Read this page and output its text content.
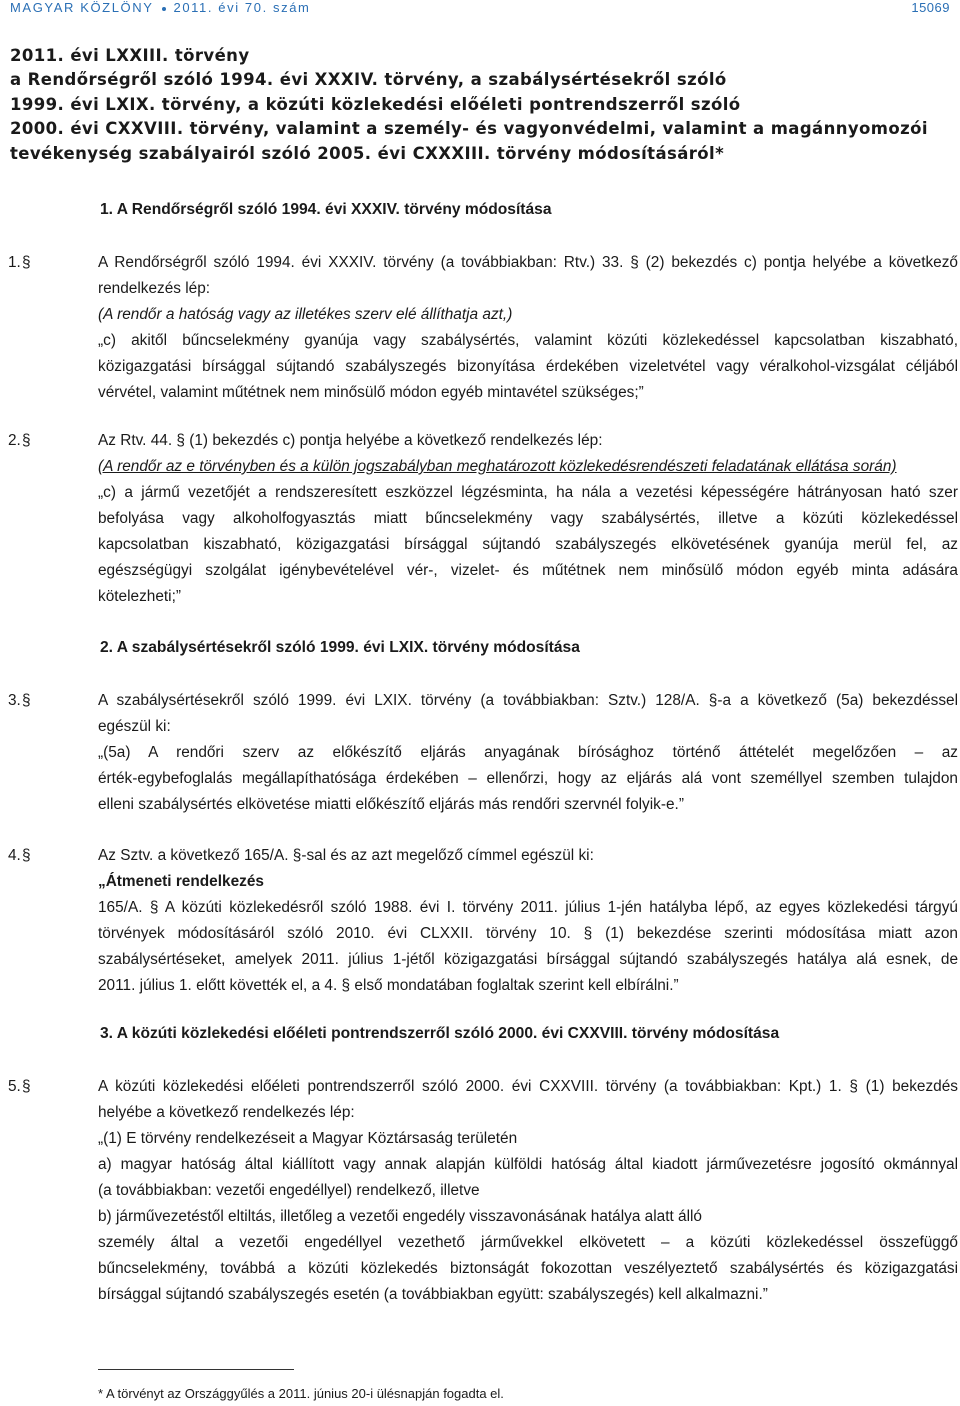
MAGYAR KÖZLÖNY 2011. évi 70. szám	15069
2011. évi LXXIII. törvény
a Rendőrségről szóló 1994. évi XXXIV. törvény, a szabálysértésekről szóló
1999. évi LXIX. törvény, a közúti közlekedési előéleti pontrendszerről szóló
2000. évi CXXVIII. törvény, valamint a személy- és vagyonvédelmi, valamint a magánnyomozói
tevékenység szabályairól szóló 2005. évi CXXXIII. törvény módosításáról*
1. A Rendőrségről szóló 1994. évi XXXIV. törvény módosítása
1. §	A Rendőrségről szóló 1994. évi XXXIV. törvény (a továbbiakban: Rtv.) 33. § (2) bekezdés c) pontja helyébe a következő
rendelkezés lép:
(A rendőr a hatóság vagy az illetékes szerv elé állíthatja azt,)
„c) akitől bűncselekmény gyanúja vagy szabálysértés, valamint közúti közlekedéssel kapcsolatban kiszabható,
közigazgatási bírsággal sújtandó szabályszegés bizonyítása érdekében vizeletvétel vagy véralkohol-vizsgálat céljából
vérvétel, valamint műtétnek nem minősülő módon egyéb mintavétel szükséges;”
2. §	Az Rtv. 44. § (1) bekezdés c) pontja helyébe a következő rendelkezés lép:
(A rendőr az e törvényben és a külön jogszabályban meghatározott közlekedésrendészeti feladatának ellátása során)
„c) a jármű vezetőjét a rendszeresített eszközzel légzésminta, ha nála a vezetési képességére hátrányosan ható szer
befolyása vagy alkoholfogyasztás miatt bűncselekmény vagy szabálysértés, illetve a közúti közlekedéssel
kapcsolatban kiszabható, közigazgatási bírsággal sújtandó szabályszegés elkövetésének gyanúja merül fel, az
egészségügyi szolgálat igénybevételével vér-, vizelet- és műtétnek nem minősülő módon egyéb minta adására
kötelezheti;”
2. A szabálysértésekről szóló 1999. évi LXIX. törvény módosítása
3. §	A szabálysértésekről szóló 1999. évi LXIX. törvény (a továbbiakban: Sztv.) 128/A. §-a a következő (5a) bekezdéssel
egészül ki:
„(5a) A rendőri szerv az előkészítő eljárás anyagának bírósághoz történő áttételét megelőzően – az
érték-egybefoglalás megállapíthatósága érdekében – ellenőrzi, hogy az eljárás alá vont személlyel szemben tulajdon
elleni szabálysértés elkövetése miatti előkészítő eljárás más rendőri szervnél folyik-e.”
4. §	Az Sztv. a következő 165/A. §-sal és az azt megelőző címmel egészül ki:
„Átmeneti rendelkezés
165/A. § A közúti közlekedésről szóló 1988. évi I. törvény 2011. július 1-jén hatályba lépő, az egyes közlekedési tárgyú
törvények módosításáról szóló 2010. évi CLXXII. törvény 10. § (1) bekezdése szerinti módosítása miatt azon
szabálysértéseket, amelyek 2011. július 1-jétől közigazgatási bírsággal sújtandó szabályszegés hatálya alá esnek, de
2011. július 1. előtt követték el, a 4. § első mondatában foglaltak szerint kell elbírálni.”
3. A közúti közlekedési előéleti pontrendszerről szóló 2000. évi CXXVIII. törvény módosítása
5. §	A közúti közlekedési előéleti pontrendszerről szóló 2000. évi CXXVIII. törvény (a továbbiakban: Kpt.) 1. § (1) bekezdés
helyébe a következő rendelkezés lép:
„(1) E törvény rendelkezéseit a Magyar Köztársaság területén
a) magyar hatóság által kiállított vagy annak alapján külföldi hatóság által kiadott járművezetésre jogosító okmánnyal
(a továbbiakban: vezetői engedéllyel) rendelkező, illetve
b) járművezetéstől eltiltás, illetőleg a vezetői engedély visszavonásának hatálya alatt álló
személy által a vezetői engedéllyel vezethető járművekkel elkövetett – a közúti közlekedéssel összefüggő
bűncselekmény, továbbá a közúti közlekedés biztonságát fokozottan veszélyeztető szabálysértés és közigazgatási
bírsággal sújtandó szabályszegés esetén (a továbbiakban együtt: szabályszegés) kell alkalmazni.”
* A törvényt az Országgyűlés a 2011. június 20-i ülésnapján fogadta el.
